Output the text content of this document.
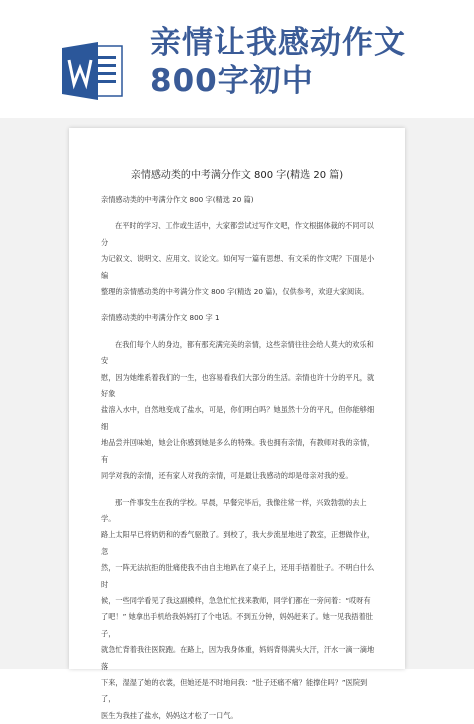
亲情让我感动作文
800字初中
亲情感动类的中考满分作文 800 字(精选 20 篇)

亲情感动类的中考满分作文 800 字(精选 20 篇)

在平时的学习、工作或生活中，大家都尝试过写作文吧，作文根据体裁的不同可以分

为记叙文、说明文、应用文、议论文。如何写一篇有思想、有文采的作文呢？下面是小编

整理的亲情感动类的中考满分作文 800 字(精选 20 篇)，仅供参考，欢迎大家阅读。

亲情感动类的中考满分作文 800 字 1

在我们每个人的身边，都有那充满完美的亲情，这些亲情往往会给人莫大的欢乐和安

慰，因为她维系着我们的一生，也容易看我们大部分的生活。亲情也许十分的平凡，就好象

盐溶入水中，自然地变成了盐水，可是，你们明白吗？她虽然十分的平凡，但你能够细细

地品尝并回味她，她会让你感到她是多么的特殊。我也拥有亲情，有教师对我的亲情，有

同学对我的亲情，还有家人对我的亲情，可是最让我感动的却是母亲对我的爱。

那一件事发生在我的学校。早晨，早餐完毕后，我像往常一样，兴致勃勃的去上学。

路上太阳早已将奶奶和的香气驱散了。到校了，我大步流星地进了教室，正想做作业，忽

然，一阵无法抗拒的肚痛使我不由自主地趴在了桌子上，还用手捂着肚子。不明白什么时

候，一些同学看见了我这副模样，急急忙忙找来教师，同学们都在一旁问着：“哎呀有

了吧！” 她拿出手机给我妈妈打了个电话。不到五分钟，妈妈赶来了。她一见我捂着肚子，

就急忙背着我往医院跑。在路上，因为我身体重，妈妈背得满头大汗，汗水一滴一滴地落

下来，湿湿了她的衣裳，但她还是不时地问我：“肚子还痛不痛？能撑住吗？”医院到了，

医生为我挂了盐水，妈妈这才松了一口气。
